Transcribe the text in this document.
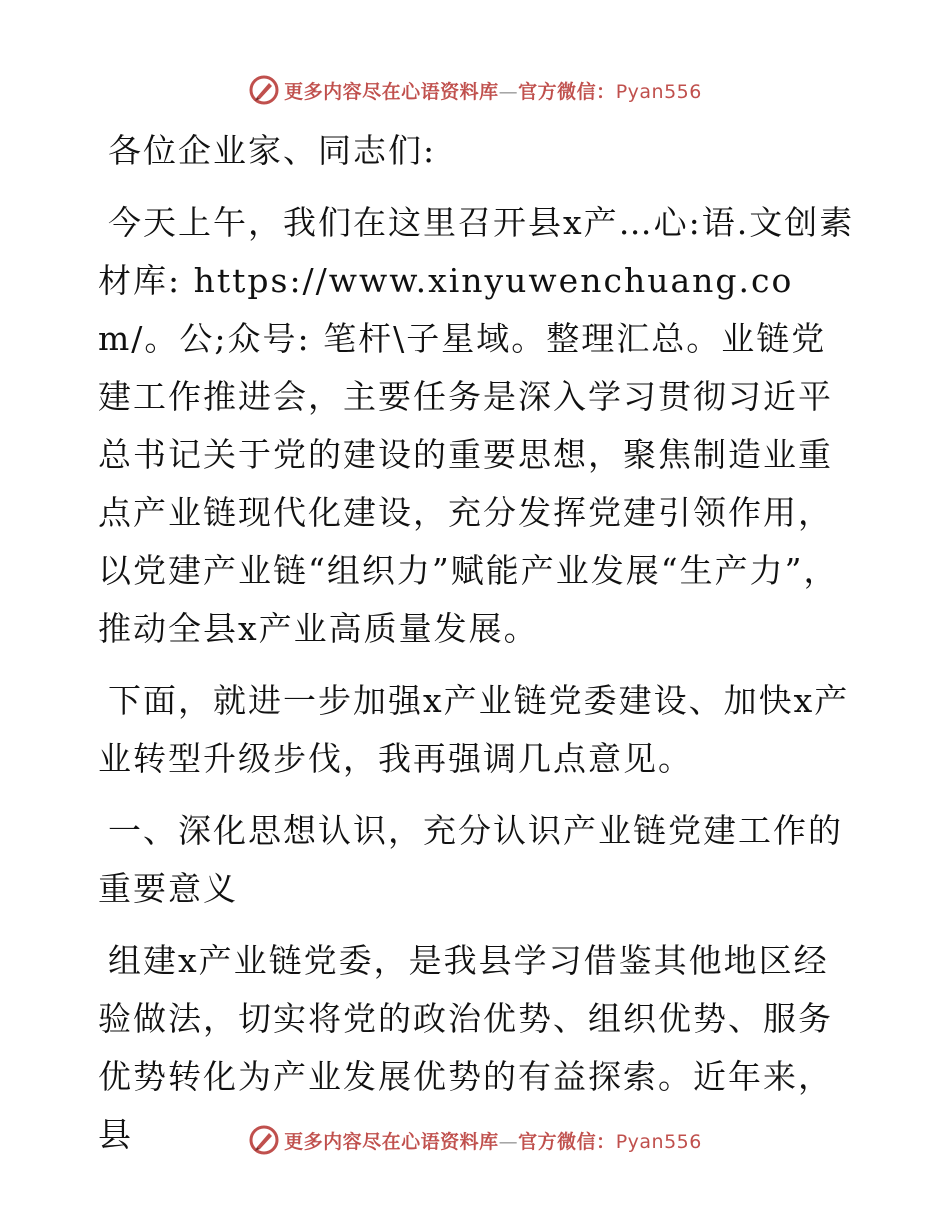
更多内容尽在心语资料库—官方微信：Pyan556

各位企业家、同志们:

今天上午，我们在这里召开县x产…心:语.文创素材库: https://www.xinyuwenchuang.com/。公;众号: 笔杆\子星域。整理汇总。业链党建工作推进会，主要任务是深入学习贯彻习近平总书记关于党的建设的重要思想，聚焦制造业重点产业链现代化建设，充分发挥党建引领作用，以党建产业链“组织力”赋能产业发展“生产力”，推动全县x产业高质量发展。

下面，就进一步加强x产业链党委建设、加快x产业转型升级步伐，我再强调几点意见。

一、深化思想认识，充分认识产业链党建工作的重要意义

组建x产业链党委，是我县学习借鉴其他地区经验做法，切实将党的政治优势、组织优势、服务优势转化为产业发展优势的有益探索。近年来，县	更多内容尽在心语资料库—官方微信：Pyan556
